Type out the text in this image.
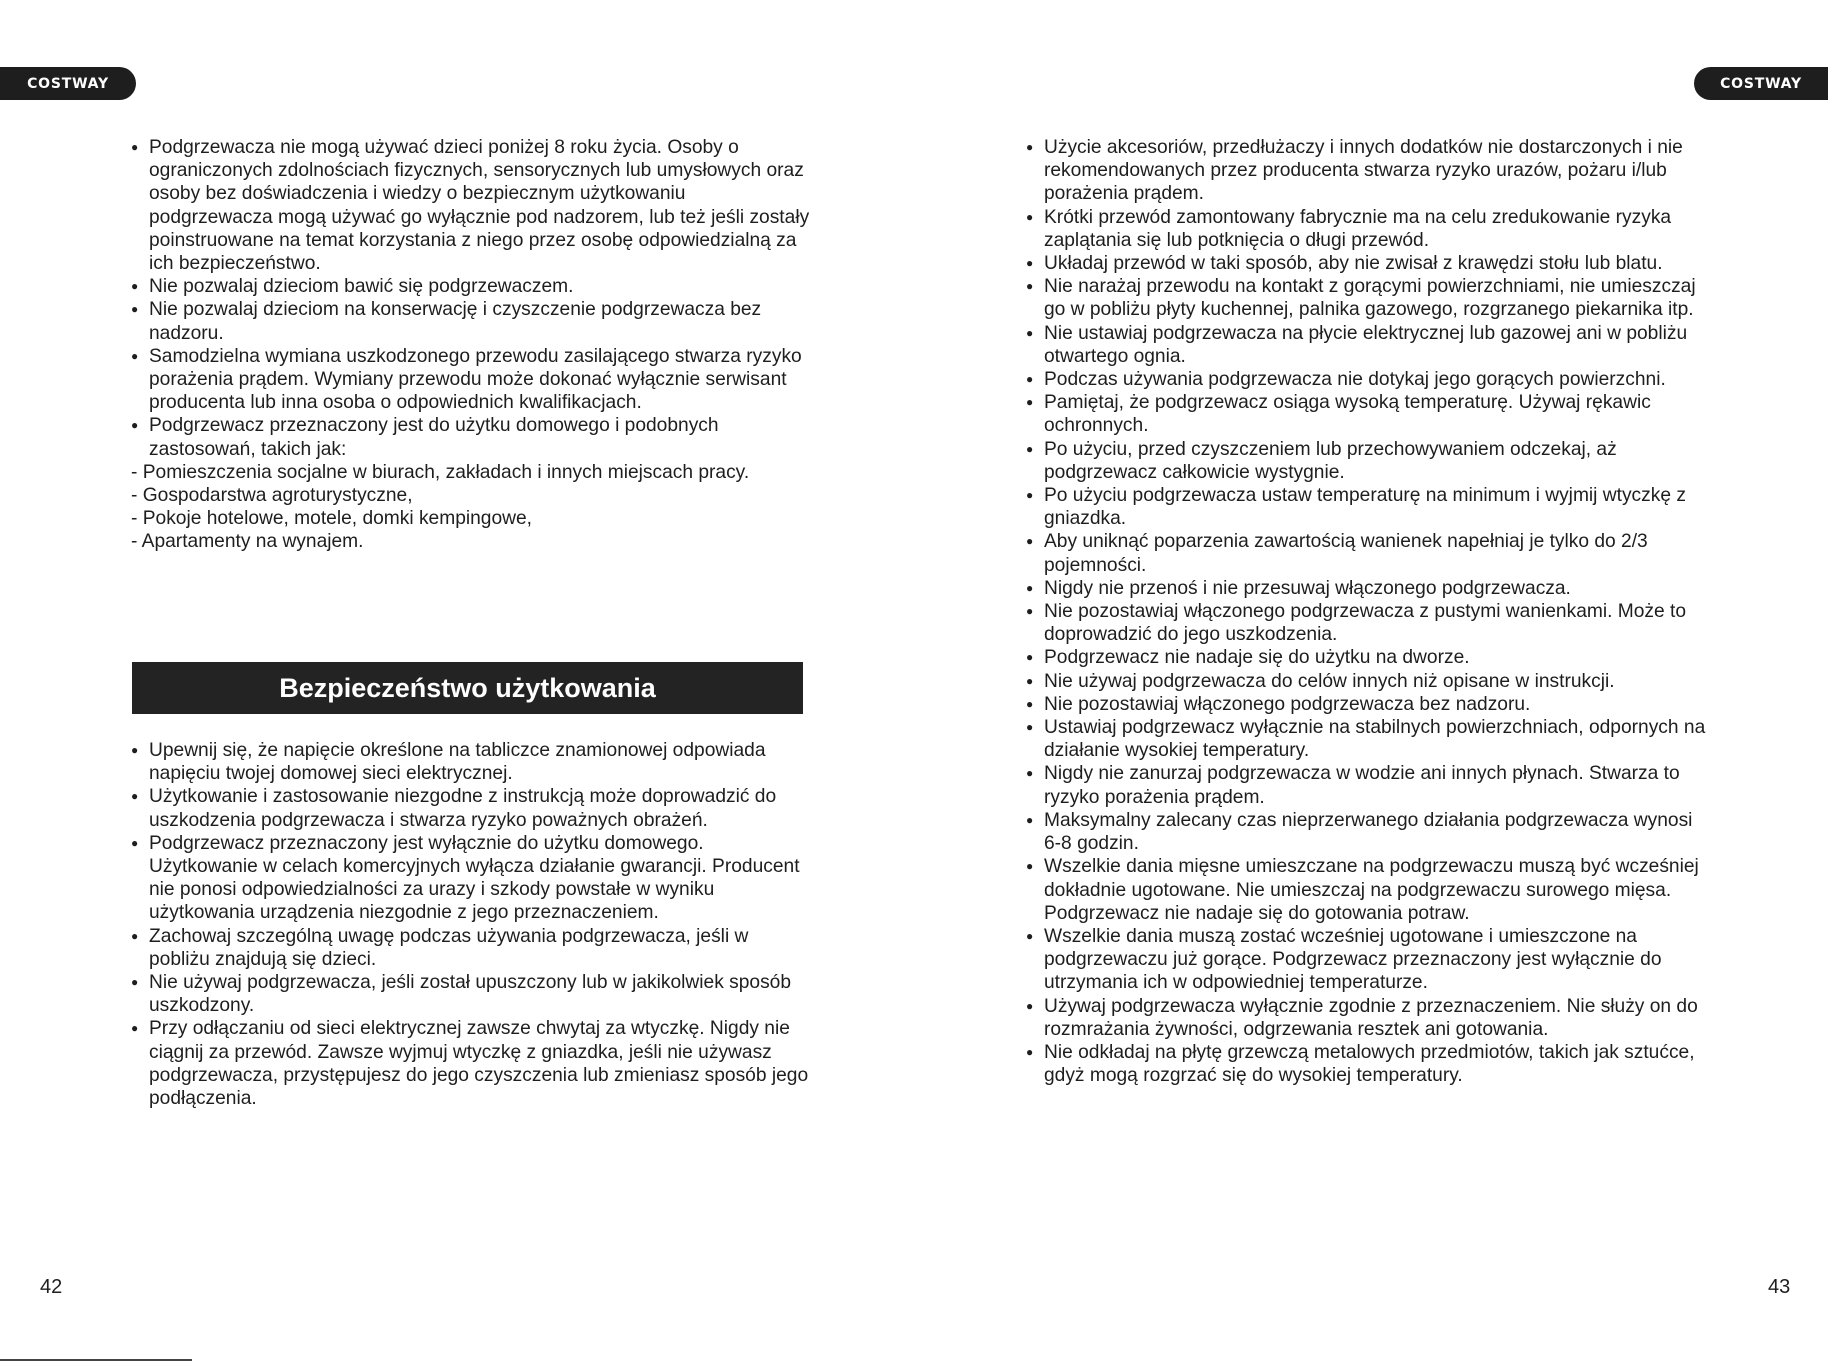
COSTWAY	COSTWAY
● Podgrzewacza nie mogą używać dzieci poniżej 8 roku życia. Osoby o ograniczonych zdolnościach fizycznych, sensorycznych lub umysłowych oraz osoby bez doświadczenia i wiedzy o bezpiecznym użytkowaniu podgrzewacza mogą używać go wyłącznie pod nadzorem, lub też jeśli zostały poinstruowane na temat korzystania z niego przez osobę odpowiedzialną za ich bezpieczeństwo.
● Nie pozwalaj dzieciom bawić się podgrzewaczem.
● Nie pozwalaj dzieciom na konserwację i czyszczenie podgrzewacza bez nadzoru.
● Samodzielna wymiana uszkodzonego przewodu zasilającego stwarza ryzyko porażenia prądem. Wymiany przewodu może dokonać wyłącznie serwisant producenta lub inna osoba o odpowiednich kwalifikacjach.
● Podgrzewacz przeznaczony jest do użytku domowego i podobnych zastosowań, takich jak:
- Pomieszczenia socjalne w biurach, zakładach i innych miejscach pracy.
- Gospodarstwa agroturystyczne,
- Pokoje hotelowe, motele, domki kempingowe,
- Apartamenty na wynajem.
Bezpieczeństwo użytkowania
● Upewnij się, że napięcie określone na tabliczce znamionowej odpowiada napięciu twojej domowej sieci elektrycznej.
● Użytkowanie i zastosowanie niezgodne z instrukcją może doprowadzić do uszkodzenia podgrzewacza i stwarza ryzyko poważnych obrażeń.
● Podgrzewacz przeznaczony jest wyłącznie do użytku domowego. Użytkowanie w celach komercyjnych wyłącza działanie gwarancji. Producent nie ponosi odpowiedzialności za urazy i szkody powstałe w wyniku użytkowania urządzenia niezgodnie z jego przeznaczeniem.
● Zachowaj szczególną uwagę podczas używania podgrzewacza, jeśli w pobliżu znajdują się dzieci.
● Nie używaj podgrzewacza, jeśli został upuszczony lub w jakikolwiek sposób uszkodzony.
● Przy odłączaniu od sieci elektrycznej zawsze chwytaj za wtyczkę. Nigdy nie ciągnij za przewód. Zawsze wyjmuj wtyczkę z gniazdka, jeśli nie używasz podgrzewacza, przystępujesz do jego czyszczenia lub zmieniasz sposób jego podłączenia.
● Użycie akcesoriów, przedłużaczy i innych dodatków nie dostarczonych i nie rekomendowanych przez producenta stwarza ryzyko urazów, pożaru i/lub porażenia prądem.
● Krótki przewód zamontowany fabrycznie ma na celu zredukowanie ryzyka zaplątania się lub potknięcia o długi przewód.
● Układaj przewód w taki sposób, aby nie zwisał z krawędzi stołu lub blatu.
● Nie narażaj przewodu na kontakt z gorącymi powierzchniami, nie umieszczaj go w pobliżu płyty kuchennej, palnika gazowego, rozgrzanego piekarnika itp.
● Nie ustawiaj podgrzewacza na płycie elektrycznej lub gazowej ani w pobliżu otwartego ognia.
● Podczas używania podgrzewacza nie dotykaj jego gorących powierzchni.
● Pamiętaj, że podgrzewacz osiąga wysoką temperaturę. Używaj rękawic ochronnych.
● Po użyciu, przed czyszczeniem lub przechowywaniem odczekaj, aż podgrzewacz całkowicie wystygnie.
● Po użyciu podgrzewacza ustaw temperaturę na minimum i wyjmij wtyczkę z gniazdka.
● Aby uniknąć poparzenia zawartością wanienek napełniaj je tylko do 2/3 pojemności.
● Nigdy nie przenoś i nie przesuwaj włączonego podgrzewacza.
● Nie pozostawiaj włączonego podgrzewacza z pustymi wanienkami. Może to doprowadzić do jego uszkodzenia.
● Podgrzewacz nie nadaje się do użytku na dworze.
● Nie używaj podgrzewacza do celów innych niż opisane w instrukcji.
● Nie pozostawiaj włączonego podgrzewacza bez nadzoru.
● Ustawiaj podgrzewacz wyłącznie na stabilnych powierzchniach, odpornych na działanie wysokiej temperatury.
● Nigdy nie zanurzaj podgrzewacza w wodzie ani innych płynach. Stwarza to ryzyko porażenia prądem.
● Maksymalny zalecany czas nieprzerwanego działania podgrzewacza wynosi 6-8 godzin.
● Wszelkie dania mięsne umieszczane na podgrzewaczu muszą być wcześniej dokładnie ugotowane. Nie umieszczaj na podgrzewaczu surowego mięsa. Podgrzewacz nie nadaje się do gotowania potraw.
● Wszelkie dania muszą zostać wcześniej ugotowane i umieszczone na podgrzewaczu już gorące. Podgrzewacz przeznaczony jest wyłącznie do utrzymania ich w odpowiedniej temperaturze.
● Używaj podgrzewacza wyłącznie zgodnie z przeznaczeniem. Nie służy on do rozmrażania żywności, odgrzewania resztek ani gotowania.
● Nie odkładaj na płytę grzewczą metalowych przedmiotów, takich jak sztućce, gdyż mogą rozgrzać się do wysokiej temperatury.
42	43
